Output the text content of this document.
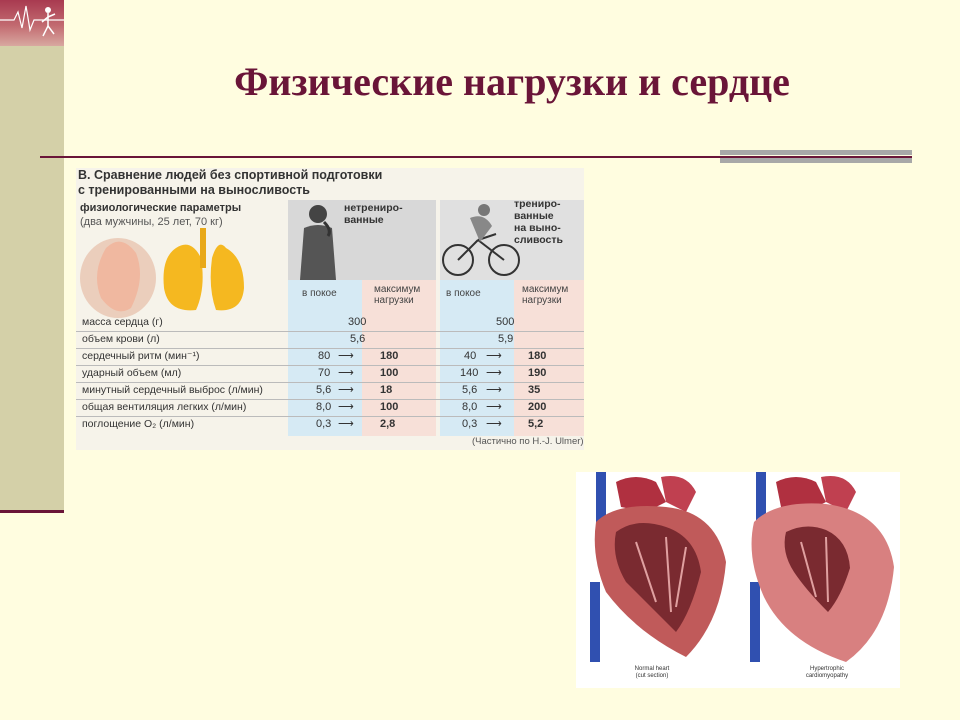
Физические нагрузки и сердце
В. Сравнение людей без спортивной подготовки
с тренированными на выносливость
физиологические параметры
(два мужчины, 25 лет, 70 кг)
нетрениро-
ванные
трениро-
ванные
на выно-
сливость
в покое	максимум
нагрузки
в покое	максимум
нагрузки
масса сердца (г)	300	500
объем крови (л)	5,6	5,9
сердечный ритм (мин⁻¹)	80 ⟶ 180	40 ⟶ 180
ударный объем (мл)	70 ⟶ 100	140 ⟶ 190
минутный сердечный выброс (л/мин)	5,6 ⟶ 18	5,6 ⟶ 35
общая вентиляция легких (л/мин)	8,0 ⟶ 100	8,0 ⟶ 200
поглощение O₂ (л/мин)	0,3 ⟶ 2,8	0,3 ⟶ 5,2
(Частично по H.-J. Ulmer)
Normal heart
(cut section)
Hypertrophic
cardiomyopathy
